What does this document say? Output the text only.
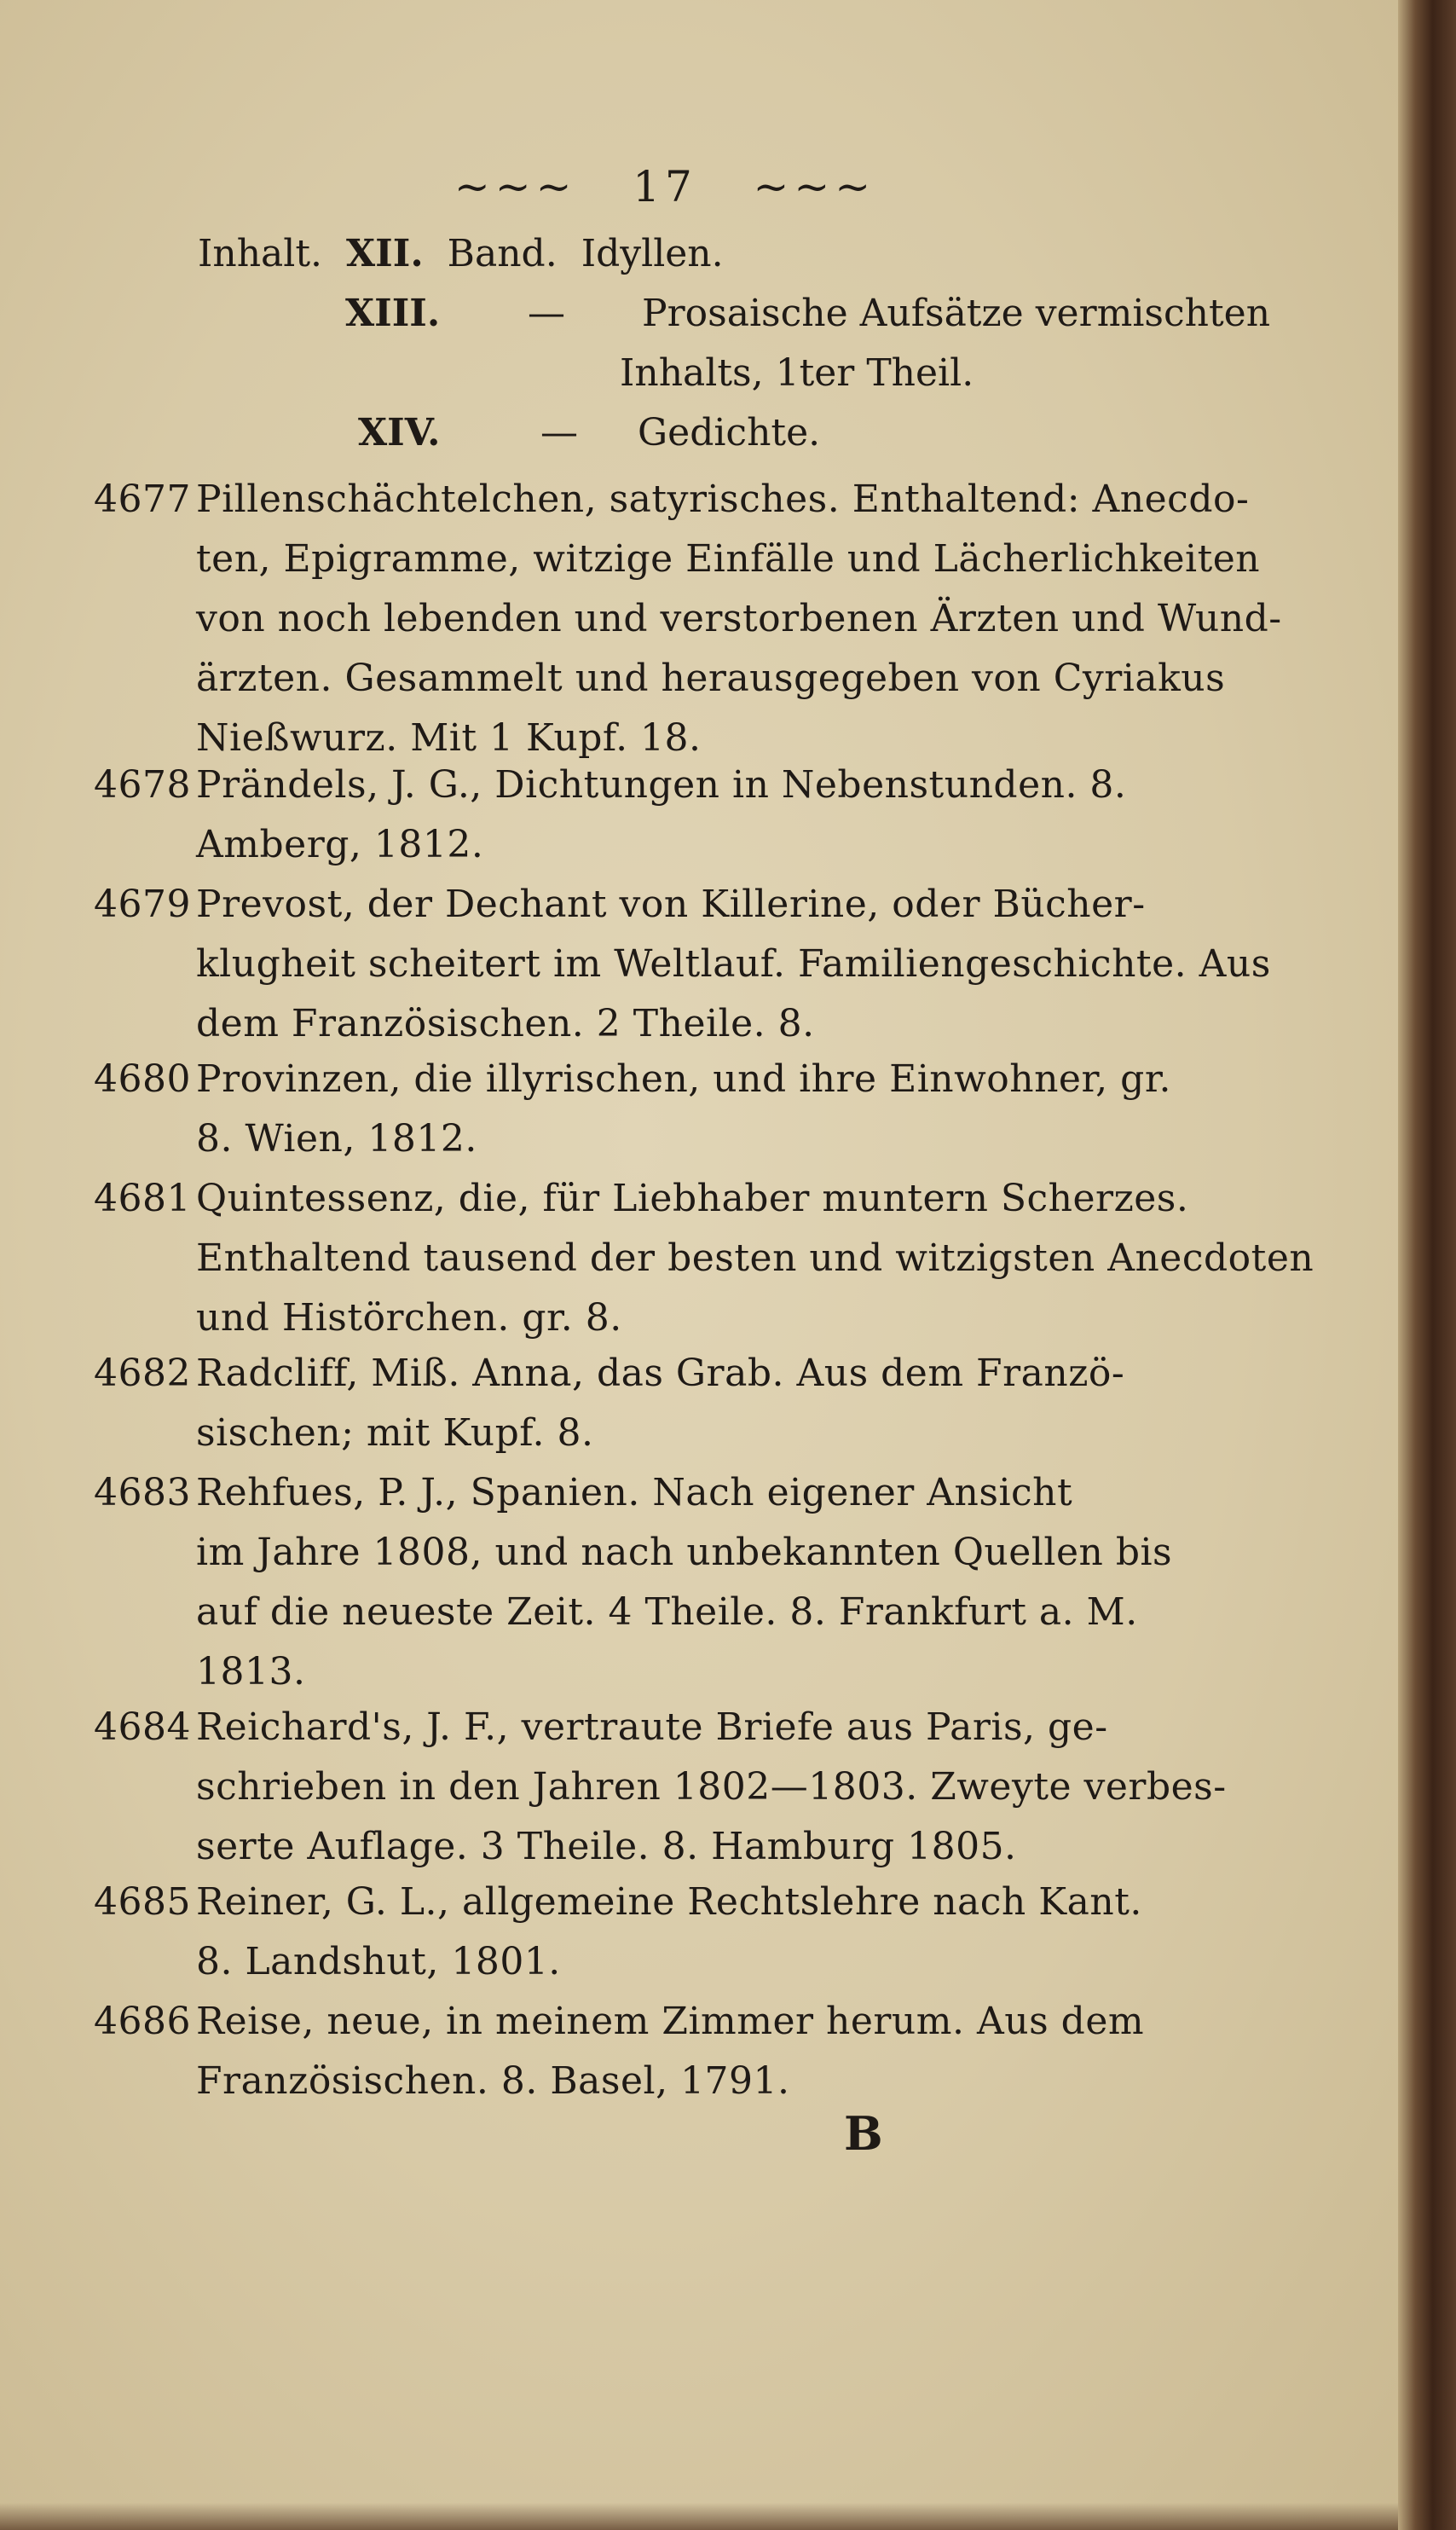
~~~ 17 ~~~
Inhalt. XII. Band. Idyllen.
XIII. — Prosaische Aufsätze vermischten
Inhalts, 1ter Theil.
XIV.	— Gedichte.
4677 Pillenschächtelchen, satyrisches. Enthaltend: Anecdo-
ten, Epigramme, witzige Einfälle und Lächerlichkeiten
von noch lebenden und verstorbenen Ärzten und Wund-
ärzten. Gesammelt und herausgegeben von Cyriakus
Nießwurz. Mit 1 Kupf. 18.
4678 Prändels, J. G., Dichtungen in Nebenstunden. 8.
Amberg, 1812.
4679 Prevost, der Dechant von Killerine, oder Bücher-
klugheit scheitert im Weltlauf. Familiengeschichte. Aus
dem Französischen. 2 Theile. 8.
4680 Provinzen, die illyrischen, und ihre Einwohner, gr.
8. Wien, 1812.
4681 Quintessenz, die, für Liebhaber muntern Scherzes.
Enthaltend tausend der besten und witzigsten Anecdoten
und Histörchen. gr. 8.
4682 Radcliff, Miß. Anna, das Grab. Aus dem Franzö-
sischen; mit Kupf. 8.
4683 Rehfues, P. J., Spanien. Nach eigener Ansicht
im Jahre 1808, und nach unbekannten Quellen bis
auf die neueste Zeit. 4 Theile. 8. Frankfurt a. M.
1813.
4684 Reichard's, J. F., vertraute Briefe aus Paris, ge-
schrieben in den Jahren 1802—1803. Zweyte verbes-
serte Auflage. 3 Theile. 8. Hamburg 1805.
4685 Reiner, G. L., allgemeine Rechtslehre nach Kant.
8. Landshut, 1801.
4686 Reise, neue, in meinem Zimmer herum. Aus dem
Französischen. 8. Basel, 1791.
B
